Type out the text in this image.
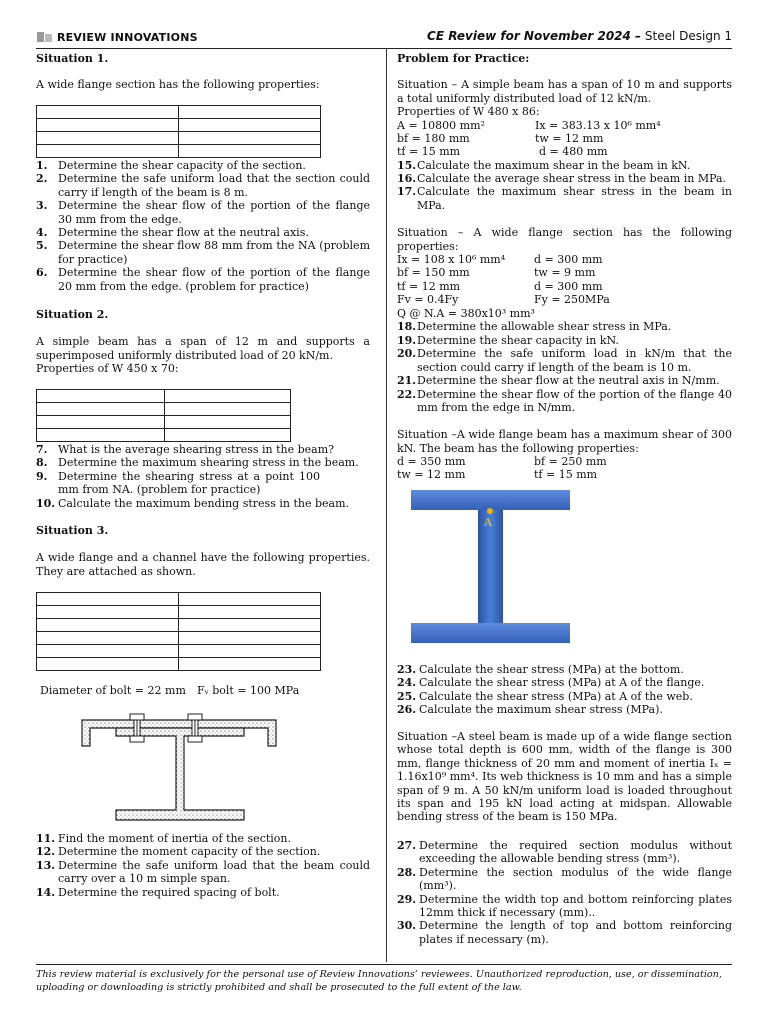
REVIEW INNOVATIONS	CE Review for November 2024 – Steel Design 1

Situation 1.

A wide flange section has the following properties:

1. Determine the shear capacity of the section.
2. Determine the safe uniform load that the section could carry if length of the beam is 8 m.
3. Determine the shear flow of the portion of the flange 30 mm from the edge.
4. Determine the shear flow at the neutral axis.
5. Determine the shear flow 88 mm from the NA (problem for practice)
6. Determine the shear flow of the portion of the flange 20 mm from the edge. (problem for practice)

Situation 2.

A simple beam has a span of 12 m and supports a superimposed uniformly distributed load of 20 kN/m.

Properties of W 450 x 70:

7. What is the average shearing stress in the beam?
8. Determine the maximum shearing stress in the beam.
9. Determine the shearing stress at a point 100 mm from NA. (problem for practice)
10. Calculate the maximum bending stress in the beam.

Situation 3.

A wide flange and a channel have the following properties. They are attached as shown.

Diameter of bolt = 22 mm Fᵥ bolt = 100 MPa
11. Find the moment of inertia of the section.
12. Determine the moment capacity of the section.
13. Determine the safe uniform load that the beam could carry over a 10 m simple span.
14. Determine the required spacing of bolt.

Problem for Practice:

Situation – A simple beam has a span of 10 m and supports a total uniformly distributed load of 12 kN/m.

Properties of W 480 x 86:

A = 10800 mm²	Ix = 383.13 x 10⁶ mm⁴
bf = 180 mm	tw = 12 mm
tf = 15 mm	d = 480 mm
15. Calculate the maximum shear in the beam in kN.
16. Calculate the average shear stress in the beam in MPa.
17. Calculate the maximum shear stress in the beam in MPa.

Situation – A wide flange section has the following properties:

Ix = 108 x 10⁶ mm⁴	d = 300 mm
bf = 150 mm	tw = 9 mm
tf = 12 mm	d = 300 mm
Fv = 0.4Fy	Fy = 250MPa

Q @ N.A = 380x10³ mm³

18. Determine the allowable shear stress in MPa.
19. Determine the shear capacity in kN.
20. Determine the safe uniform load in kN/m that the section could carry if length of the beam is 10 m.
21. Determine the shear flow at the neutral axis in N/mm.
22. Determine the shear flow of the portion of the flange 40 mm from the edge in N/mm.

Situation –A wide flange beam has a maximum shear of 300 kN. The beam has the following properties:

d = 350 mm	bf = 250 mm
tw = 12 mm	tf = 15 mm
A
23. Calculate the shear stress (MPa) at the bottom.
24. Calculate the shear stress (MPa) at A of the flange.
25. Calculate the shear stress (MPa) at A of the web.
26. Calculate the maximum shear stress (MPa).

Situation –A steel beam is made up of a wide flange section whose total depth is 600 mm, width of the flange is 300 mm, flange thickness of 20 mm and moment of inertia Iₓ = 1.16x10⁹ mm⁴. Its web thickness is 10 mm and has a simple span of 9 m. A 50 kN/m uniform load is loaded throughout its span and 195 kN load acting at midspan. Allowable bending stress of the beam is 150 MPa.

27. Determine the required section modulus without exceeding the allowable bending stress (mm³).
28. Determine the section modulus of the wide flange (mm³).
29. Determine the width top and bottom reinforcing plates 12mm thick if necessary (mm)..
30. Determine the length of top and bottom reinforcing plates if necessary (m).
This review material is exclusively for the personal use of Review Innovations’ reviewees. Unauthorized reproduction, use, or dissemination, uploading or downloading is strictly prohibited and shall be prosecuted to the full extent of the law.
